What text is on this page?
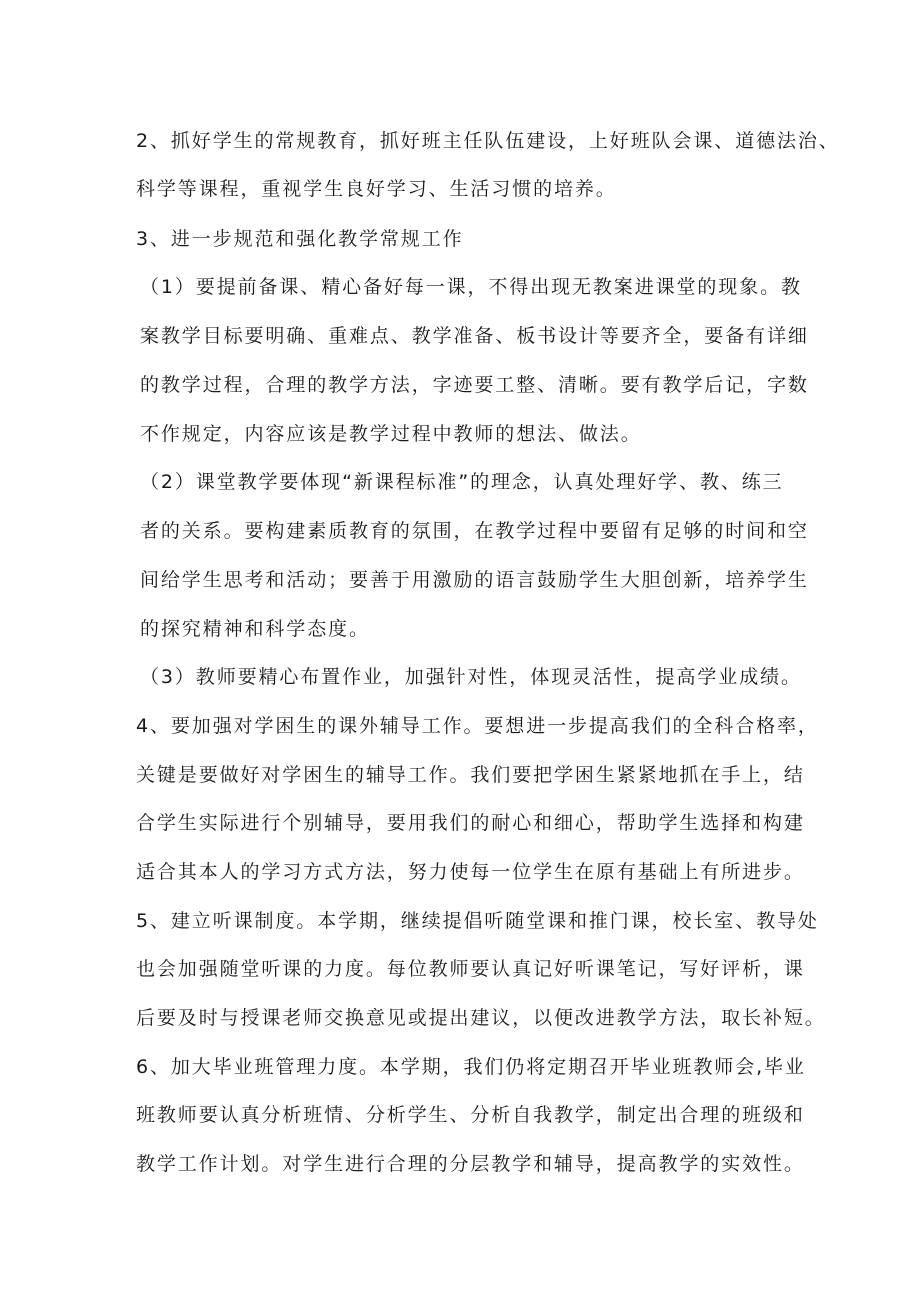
2、抓好学生的常规教育，抓好班主任队伍建设，上好班队会课、道德法治、
科学等课程，重视学生良好学习、生活习惯的培养。
3、进一步规范和强化教学常规工作
（1）要提前备课、精心备好每一课，不得出现无教案进课堂的现象。教
案教学目标要明确、重难点、教学准备、板书设计等要齐全，要备有详细
的教学过程，合理的教学方法，字迹要工整、清晰。要有教学后记，字数
不作规定，内容应该是教学过程中教师的想法、做法。
（2）课堂教学要体现“新课程标准”的理念，认真处理好学、教、练三
者的关系。要构建素质教育的氛围，在教学过程中要留有足够的时间和空
间给学生思考和活动；要善于用激励的语言鼓励学生大胆创新，培养学生
的探究精神和科学态度。
（3）教师要精心布置作业，加强针对性，体现灵活性，提高学业成绩。
4、要加强对学困生的课外辅导工作。要想进一步提高我们的全科合格率，
关键是要做好对学困生的辅导工作。我们要把学困生紧紧地抓在手上，结
合学生实际进行个别辅导，要用我们的耐心和细心，帮助学生选择和构建
适合其本人的学习方式方法，努力使每一位学生在原有基础上有所进步。
5、建立听课制度。本学期，继续提倡听随堂课和推门课，校长室、教导处
也会加强随堂听课的力度。每位教师要认真记好听课笔记，写好评析，课
后要及时与授课老师交换意见或提出建议，以便改进教学方法，取长补短。
6、加大毕业班管理力度。本学期，我们仍将定期召开毕业班教师会,毕业
班教师要认真分析班情、分析学生、分析自我教学，制定出合理的班级和
教学工作计划。对学生进行合理的分层教学和辅导，提高教学的实效性。
